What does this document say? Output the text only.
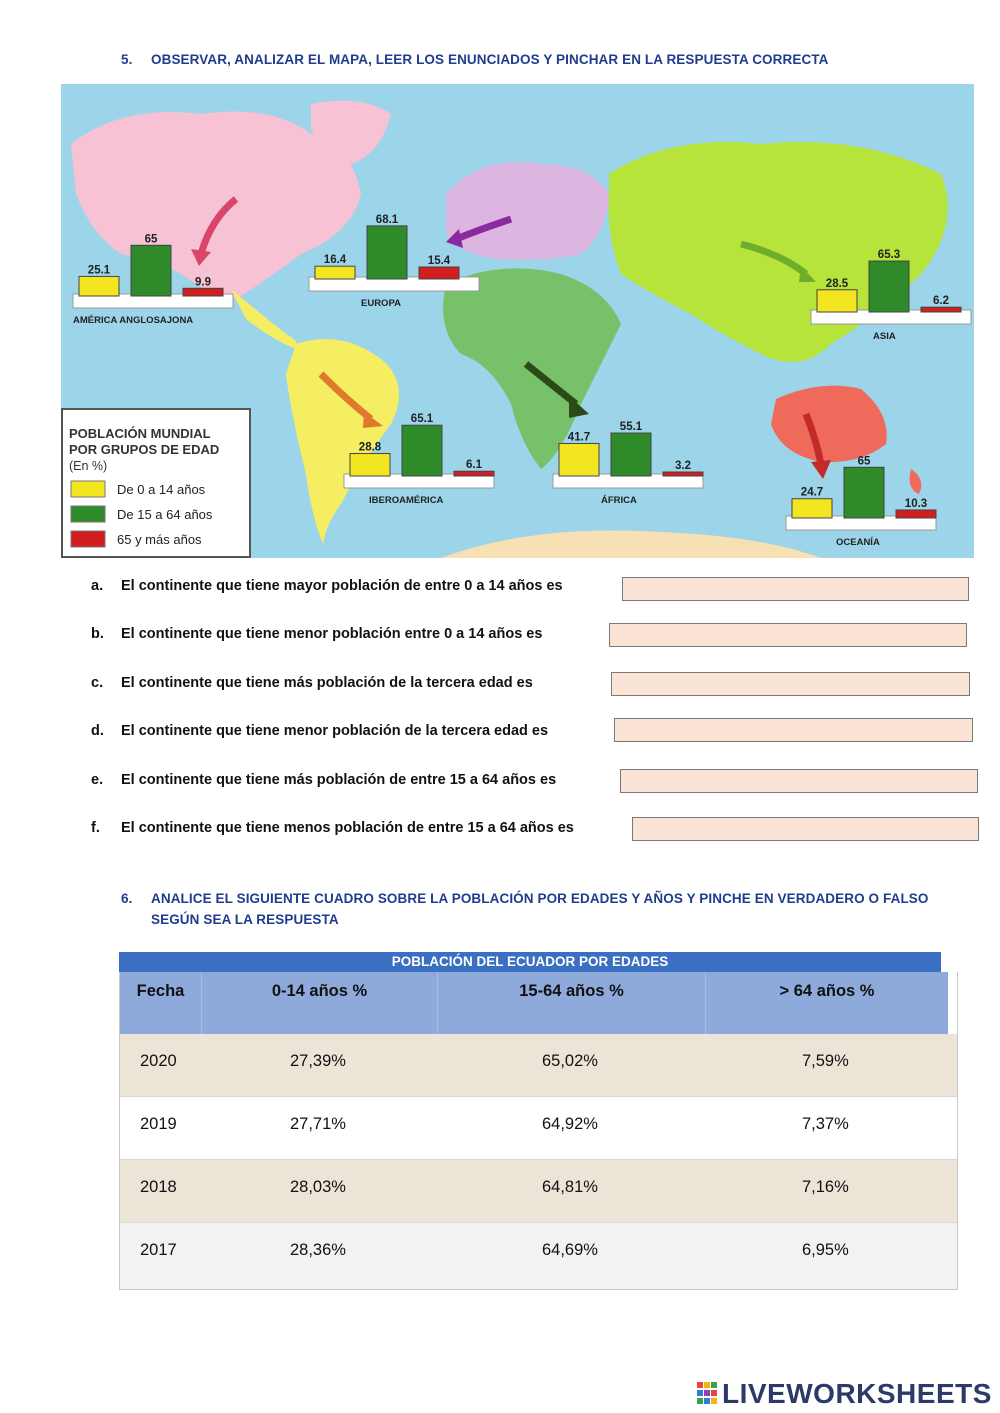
5. OBSERVAR, ANALIZAR EL MAPA, LEER LOS ENUNCIADOS Y PINCHAR EN LA RESPUESTA CORRECTA
POBLACIÓN MUNDIAL
POR GRUPOS DE EDAD
(En %)
De 0 a 14 años
De 15 a 64 años
65 y más años
25.1
65
9.9
AMÉRICA ANGLOSAJONA
16.4
68.1
15.4
EUROPA
28.5
65.3
6.2
ASIA
28.8
65.1
6.1
IBEROAMÉRICA
41.7
55.1
3.2
ÁFRICA
24.7
65
10.3
OCEANÍA
a. El continente que tiene mayor población de entre 0 a 14 años es
b. El continente que tiene menor población entre 0 a 14 años es
c. El continente que tiene más población de la tercera edad es
d. El continente que tiene menor población de la tercera edad es
e. El continente que tiene más población de entre 15 a 64 años es
f. El continente que tiene menos población de entre 15 a 64 años es
6. ANALICE EL SIGUIENTE CUADRO SOBRE LA POBLACIÓN POR EDADES Y AÑOS Y PINCHE EN VERDADERO O FALSO
SEGÚN SEA LA RESPUESTA
POBLACIÓN DEL ECUADOR POR EDADES
Fecha	0-14 años %	15-64 años %	> 64 años %
2020	27,39%	65,02%	7,59%
2019	27,71%	64,92%	7,37%
2018	28,03%	64,81%	7,16%
2017	28,36%	64,69%	6,95%
LIVEWORKSHEETS
